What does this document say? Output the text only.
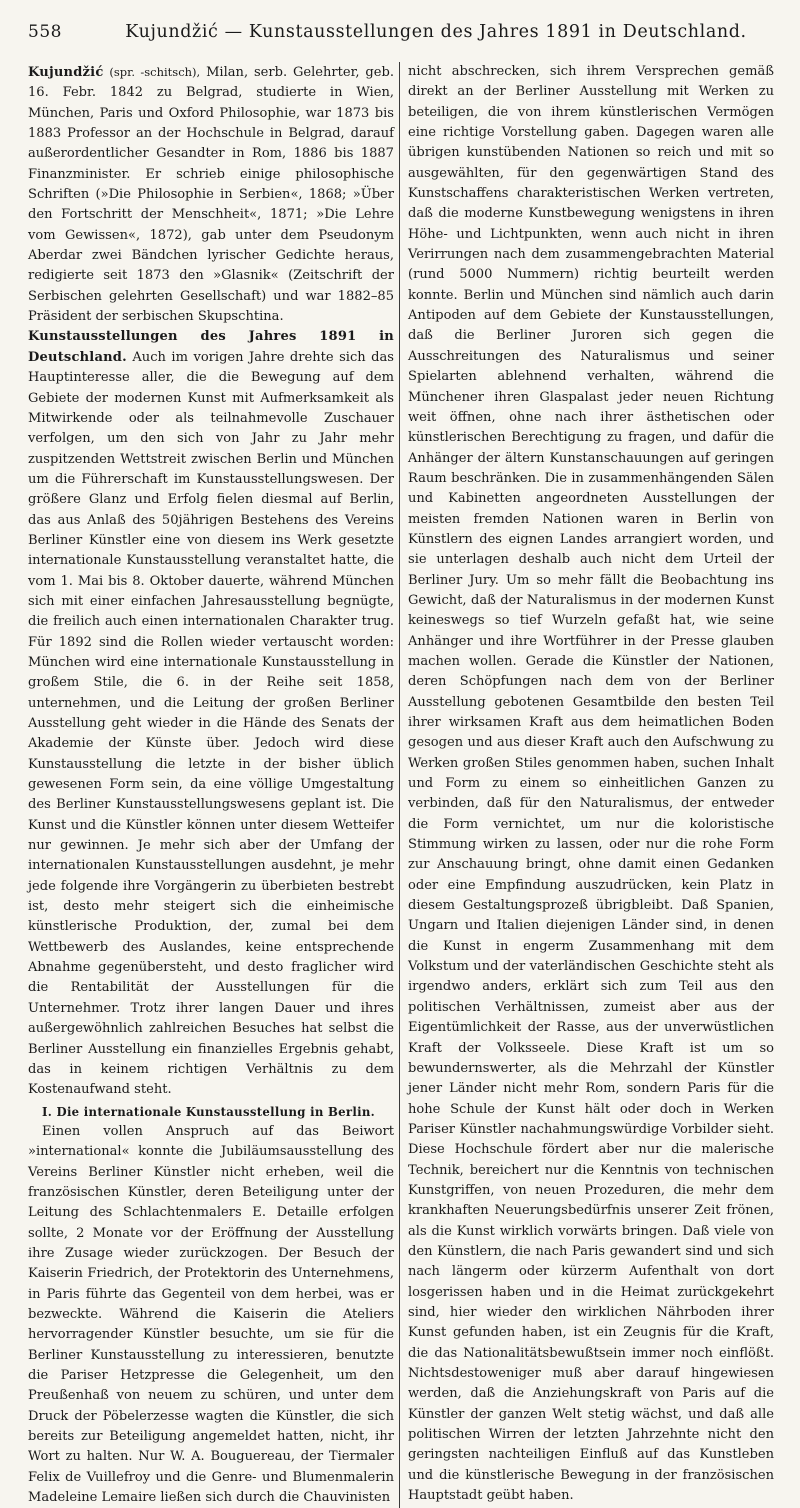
558	Kujundžić — Kunstausstellungen des Jahres 1891 in Deutschland.

Kujundžić (spr. -schitsch), Milan, serb. Gelehrter, geb. 16. Febr. 1842 zu Belgrad, studierte in Wien, München, Paris und Oxford Philosophie, war 1873 bis 1883 Professor an der Hochschule in Belgrad, darauf außerordentlicher Gesandter in Rom, 1886 bis 1887 Finanzminister. Er schrieb einige philosophische Schriften (»Die Philosophie in Serbien«, 1868; »Über den Fortschritt der Menschheit«, 1871; »Die Lehre vom Gewissen«, 1872), gab unter dem Pseudonym Aberdar zwei Bändchen lyrischer Gedichte heraus, redigierte seit 1873 den »Glasnik« (Zeitschrift der Serbischen gelehrten Gesellschaft) und war 1882–85 Präsident der serbischen Skupschtina.

Kunstausstellungen des Jahres 1891 in Deutschland. Auch im vorigen Jahre drehte sich das Hauptinteresse aller, die die Bewegung auf dem Gebiete der modernen Kunst mit Aufmerksamkeit als Mitwirkende oder als teilnahmevolle Zuschauer verfolgen, um den sich von Jahr zu Jahr mehr zuspitzenden Wettstreit zwischen Berlin und München um die Führerschaft im Kunstausstellungswesen. Der größere Glanz und Erfolg fielen diesmal auf Berlin, das aus Anlaß des 50jährigen Bestehens des Vereins Berliner Künstler eine von diesem ins Werk gesetzte internationale Kunstausstellung veranstaltet hatte, die vom 1. Mai bis 8. Oktober dauerte, während München sich mit einer einfachen Jahresausstellung begnügte, die freilich auch einen internationalen Charakter trug. Für 1892 sind die Rollen wieder vertauscht worden: München wird eine internationale Kunstausstellung in großem Stile, die 6. in der Reihe seit 1858, unternehmen, und die Leitung der großen Berliner Ausstellung geht wieder in die Hände des Senats der Akademie der Künste über. Jedoch wird diese Kunstausstellung die letzte in der bisher üblich gewesenen Form sein, da eine völlige Umgestaltung des Berliner Kunstausstellungswesens geplant ist. Die Kunst und die Künstler können unter diesem Wetteifer nur gewinnen. Je mehr sich aber der Umfang der internationalen Kunstausstellungen ausdehnt, je mehr jede folgende ihre Vorgängerin zu überbieten bestrebt ist, desto mehr steigert sich die einheimische künstlerische Produktion, der, zumal bei dem Wettbewerb des Auslandes, keine entsprechende Abnahme gegenübersteht, und desto fraglicher wird die Rentabilität der Ausstellungen für die Unternehmer. Trotz ihrer langen Dauer und ihres außergewöhnlich zahlreichen Besuches hat selbst die Berliner Ausstellung ein finanzielles Ergebnis gehabt, das in keinem richtigen Verhältnis zu dem Kostenaufwand steht.

I. Die internationale Kunstausstellung in Berlin.

Einen vollen Anspruch auf das Beiwort »international« konnte die Jubiläumsausstellung des Vereins Berliner Künstler nicht erheben, weil die französischen Künstler, deren Beteiligung unter der Leitung des Schlachtenmalers E. Detaille erfolgen sollte, 2 Monate vor der Eröffnung der Ausstellung ihre Zusage wieder zurückzogen. Der Besuch der Kaiserin Friedrich, der Protektorin des Unternehmens, in Paris führte das Gegenteil von dem herbei, was er bezweckte. Während die Kaiserin die Ateliers hervorragender Künstler besuchte, um sie für die Berliner Kunstausstellung zu interessieren, benutzte die Pariser Hetzpresse die Gelegenheit, um den Preußenhaß von neuem zu schüren, und unter dem Druck der Pöbelerzesse wagten die Künstler, die sich bereits zur Beteiligung angemeldet hatten, nicht, ihr Wort zu halten. Nur W. A. Bouguereau, der Tiermaler Felix de Vuillefroy und die Genre- und Blumenmalerin Madeleine Lemaire ließen sich durch die Chauvinisten

nicht abschrecken, sich ihrem Versprechen gemäß direkt an der Berliner Ausstellung mit Werken zu beteiligen, die von ihrem künstlerischen Vermögen eine richtige Vorstellung gaben. Dagegen waren alle übrigen kunstübenden Nationen so reich und mit so ausgewählten, für den gegenwärtigen Stand des Kunstschaffens charakteristischen Werken vertreten, daß die moderne Kunstbewegung wenigstens in ihren Höhe- und Lichtpunkten, wenn auch nicht in ihren Verirrungen nach dem zusammengebrachten Material (rund 5000 Nummern) richtig beurteilt werden konnte. Berlin und München sind nämlich auch darin Antipoden auf dem Gebiete der Kunstausstellungen, daß die Berliner Juroren sich gegen die Ausschreitungen des Naturalismus und seiner Spielarten ablehnend verhalten, während die Münchener ihren Glaspalast jeder neuen Richtung weit öffnen, ohne nach ihrer ästhetischen oder künstlerischen Berechtigung zu fragen, und dafür die Anhänger der ältern Kunstanschauungen auf geringen Raum beschränken. Die in zusammenhängenden Sälen und Kabinetten angeordneten Ausstellungen der meisten fremden Nationen waren in Berlin von Künstlern des eignen Landes arrangiert worden, und sie unterlagen deshalb auch nicht dem Urteil der Berliner Jury. Um so mehr fällt die Beobachtung ins Gewicht, daß der Naturalismus in der modernen Kunst keineswegs so tief Wurzeln gefaßt hat, wie seine Anhänger und ihre Wortführer in der Presse glauben machen wollen. Gerade die Künstler der Nationen, deren Schöpfungen nach dem von der Berliner Ausstellung gebotenen Gesamtbilde den besten Teil ihrer wirksamen Kraft aus dem heimatlichen Boden gesogen und aus dieser Kraft auch den Aufschwung zu Werken großen Stiles genommen haben, suchen Inhalt und Form zu einem so einheitlichen Ganzen zu verbinden, daß für den Naturalismus, der entweder die Form vernichtet, um nur die koloristische Stimmung wirken zu lassen, oder nur die rohe Form zur Anschauung bringt, ohne damit einen Gedanken oder eine Empfindung auszudrücken, kein Platz in diesem Gestaltungsprozeß übrigbleibt. Daß Spanien, Ungarn und Italien diejenigen Länder sind, in denen die Kunst in engerm Zusammenhang mit dem Volkstum und der vaterländischen Geschichte steht als irgendwo anders, erklärt sich zum Teil aus den politischen Verhältnissen, zumeist aber aus der Eigentümlichkeit der Rasse, aus der unverwüstlichen Kraft der Volksseele. Diese Kraft ist um so bewundernswerter, als die Mehrzahl der Künstler jener Länder nicht mehr Rom, sondern Paris für die hohe Schule der Kunst hält oder doch in Werken Pariser Künstler nachahmungswürdige Vorbilder sieht. Diese Hochschule fördert aber nur die malerische Technik, bereichert nur die Kenntnis von technischen Kunstgriffen, von neuen Prozeduren, die mehr dem krankhaften Neuerungsbedürfnis unserer Zeit frönen, als die Kunst wirklich vorwärts bringen. Daß viele von den Künstlern, die nach Paris gewandert sind und sich nach längerm oder kürzerm Aufenthalt von dort losgerissen haben und in die Heimat zurückgekehrt sind, hier wieder den wirklichen Nährboden ihrer Kunst gefunden haben, ist ein Zeugnis für die Kraft, die das Nationalitätsbewußtsein immer noch einflößt. Nichtsdestoweniger muß aber darauf hingewiesen werden, daß die Anziehungskraft von Paris auf die Künstler der ganzen Welt stetig wächst, und daß alle politischen Wirren der letzten Jahrzehnte nicht den geringsten nachteiligen Einfluß auf das Kunstleben und die künstlerische Bewegung in der französischen Hauptstadt geübt haben.
